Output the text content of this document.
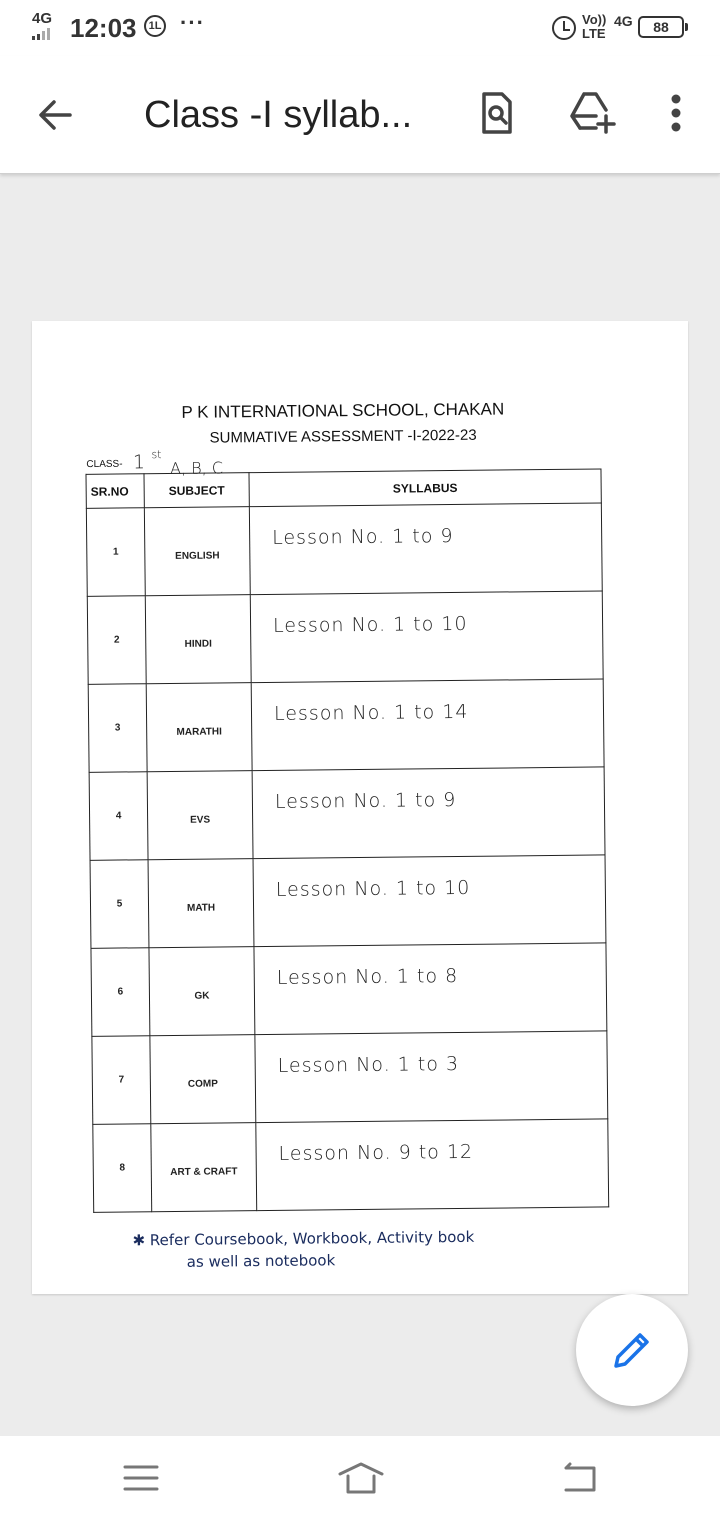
4G 12:03	1L ···	Vo))
LTE
4G	88
Class -I syllab...
P K INTERNATIONAL SCHOOL, CHAKAN
SUMMATIVE ASSESSMENT -I-2022-23
CLASS- 1 $^{st}$ A, B, C
SR.NO	SUBJECT	SYLLABUS
1	ENGLISH	Lesson No. 1 to 9
2	HINDI	Lesson No. 1 to 10
3	MARATHI	Lesson No. 1 to 14
4	EVS	Lesson No. 1 to 9
5	MATH	Lesson No. 1 to 10
6	GK	Lesson No. 1 to 8
7	COMP	Lesson No. 1 to 3
8	ART & CRAFT	Lesson No. 9 to 12
✱ Refer Coursebook, Workbook, Activity book
as well as notebook
